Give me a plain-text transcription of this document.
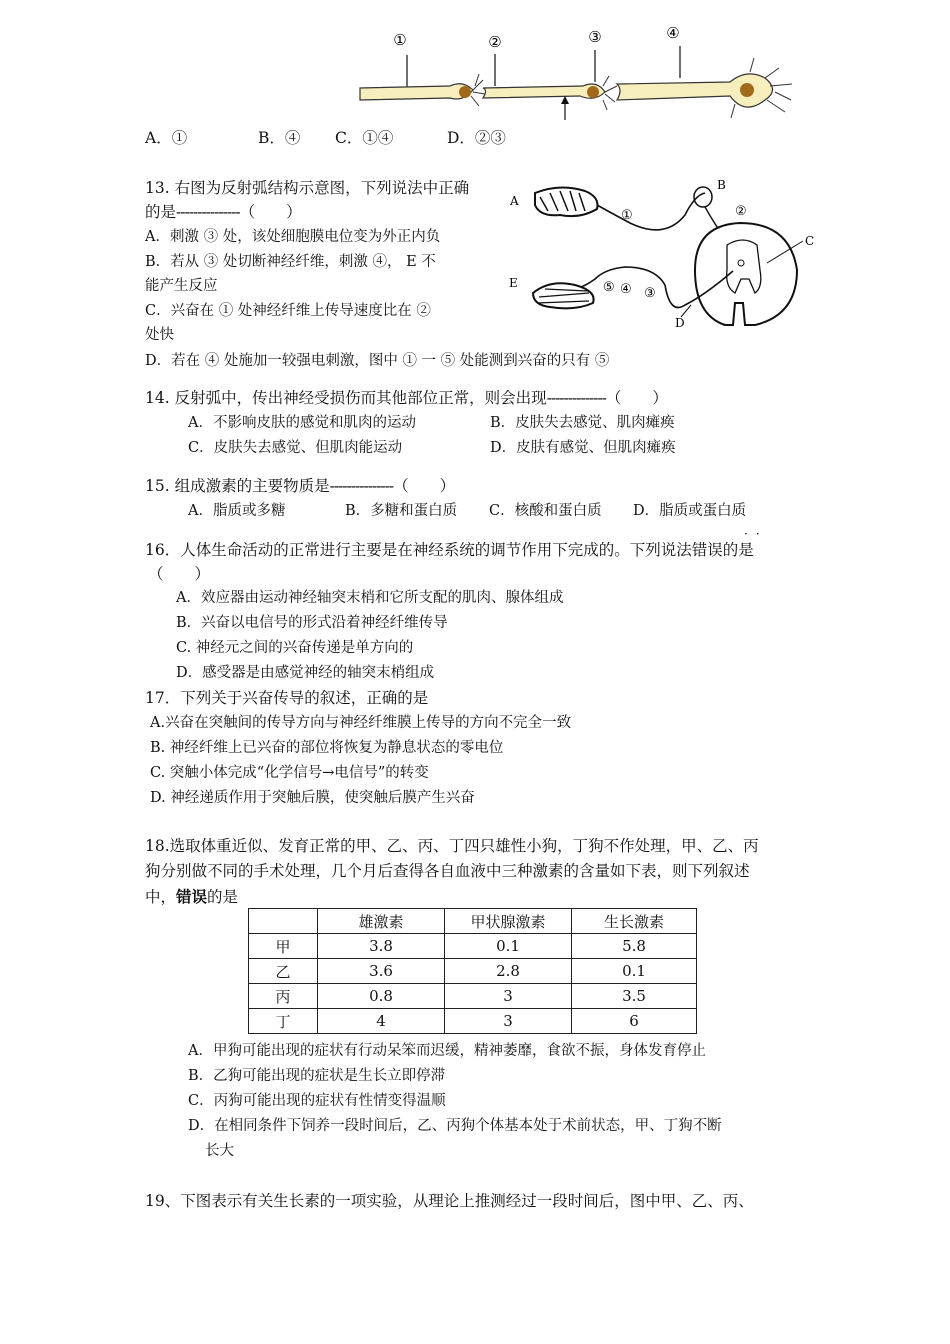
①	②	③	④
A．①	B．④ C．①④	D．②③
13. 右图为反射弧结构示意图，下列说法中正确
的是---------------（　　）
A．刺激 ③ 处，该处细胞膜电位变为外正内负
B．若从 ③ 处切断神经纤维，刺激 ④， E 不
能产生反应
C．兴奋在 ① 处神经纤维上传导速度比在 ②
处快
D．若在 ④ 处施加一较强电刺激，图中 ① 一 ⑤ 处能测到兴奋的只有 ⑤
A
①
B
②
C
⑤ ④ ③
D
E
14. 反射弧中，传出神经受损伤而其他部位正常，则会出现--------------（　　）
A．不影响皮肤的感觉和肌肉的运动	B．皮肤失去感觉、肌肉瘫痪
C．皮肤失去感觉、但肌肉能运动	D．皮肤有感觉、但肌肉瘫痪
15. 组成激素的主要物质是---------------（　　）
A．脂质或多糖	B．多糖和蛋白质 C．核酸和蛋白质 D．脂质或蛋白质
··
16．人体生命活动的正常进行主要是在神经系统的调节作用下完成的。下列说法错误的是
（　　）
A．效应器由运动神经轴突末梢和它所支配的肌肉、腺体组成
B．兴奋以电信号的形式沿着神经纤维传导
C. 神经元之间的兴奋传递是单方向的
D．感受器是由感觉神经的轴突末梢组成
17．下列关于兴奋传导的叙述，正确的是
A.兴奋在突触间的传导方向与神经纤维膜上传导的方向不完全一致
B. 神经纤维上已兴奋的部位将恢复为静息状态的零电位
C. 突触小体完成“化学信号→电信号”的转变
D. 神经递质作用于突触后膜，使突触后膜产生兴奋
18.选取体重近似、发育正常的甲、乙、丙、丁四只雄性小狗，丁狗不作处理，甲、乙、丙
狗分别做不同的手术处理，几个月后查得各自血液中三种激素的含量如下表，则下列叙述
中，错误的是
	雄激素	甲状腺激素	生长激素
甲	3.8	0.1	5.8
乙	3.6	2.8	0.1
丙	0.8	3	3.5
丁	4	3	6
A．甲狗可能出现的症状有行动呆笨而迟缓，精神萎靡，食欲不振，身体发育停止
B．乙狗可能出现的症状是生长立即停滞
C．丙狗可能出现的症状有性情变得温顺
D．在相同条件下饲养一段时间后，乙、丙狗个体基本处于术前状态，甲、丁狗不断
长大
19、下图表示有关生长素的一项实验，从理论上推测经过一段时间后，图中甲、乙、丙、
